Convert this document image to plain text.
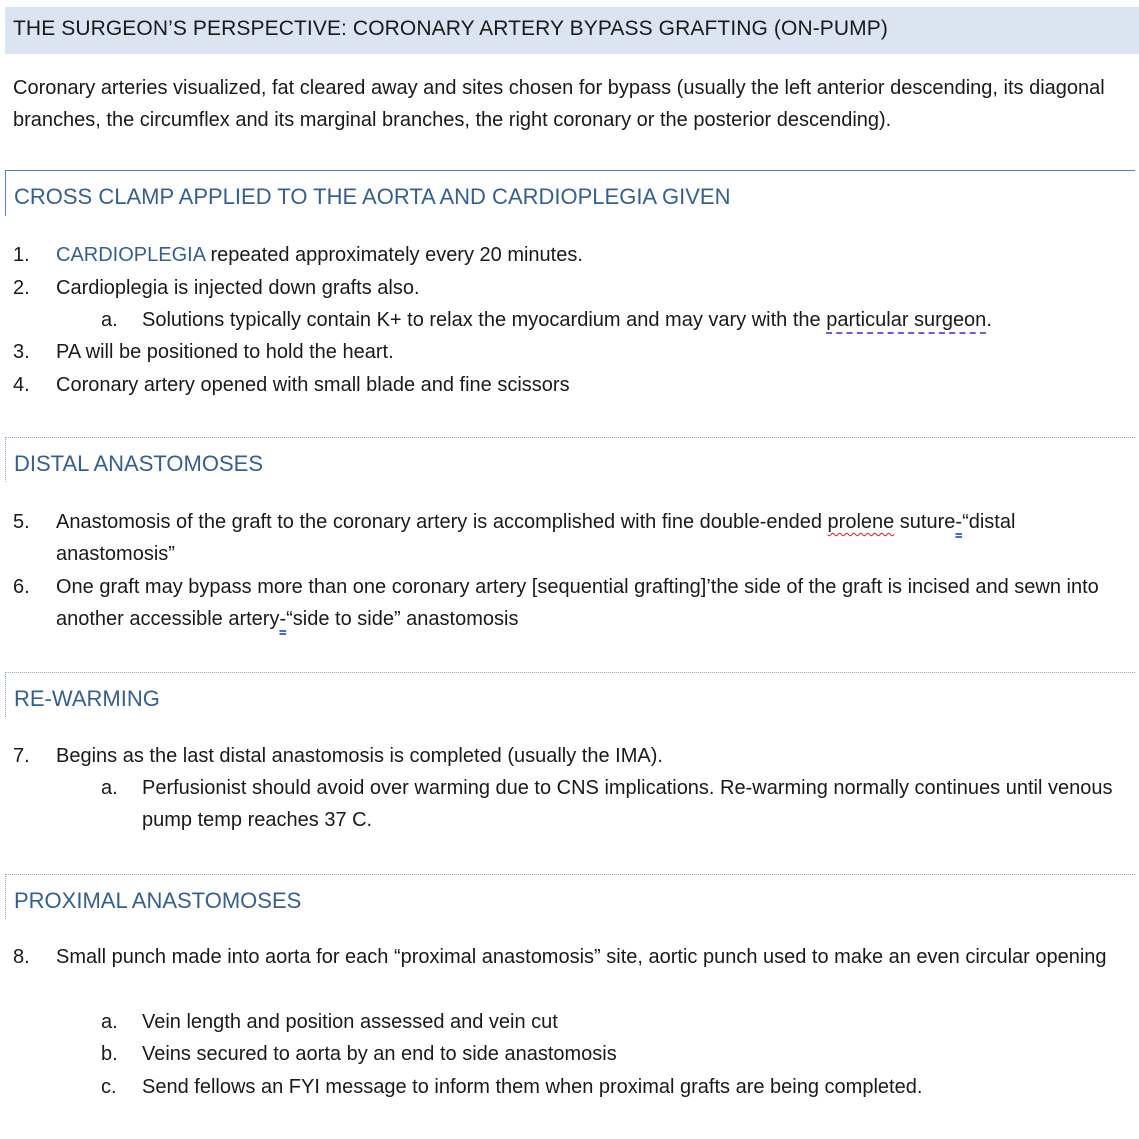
THE SURGEON’S PERSPECTIVE: CORONARY ARTERY BYPASS GRAFTING (ON-PUMP)
Coronary arteries visualized, fat cleared away and sites chosen for bypass (usually the left anterior descending, its diagonal branches, the circumflex and its marginal branches, the right coronary or the posterior descending).
CROSS CLAMP APPLIED TO THE AORTA AND CARDIOPLEGIA GIVEN
1. CARDIOPLEGIA repeated approximately every 20 minutes.
2. Cardioplegia is injected down grafts also.
a. Solutions typically contain K+ to relax the myocardium and may vary with the particular surgeon.
3. PA will be positioned to hold the heart.
4. Coronary artery opened with small blade and fine scissors
DISTAL ANASTOMOSES
5. Anastomosis of the graft to the coronary artery is accomplished with fine double-ended prolene suture-“distal anastomosis”
6. One graft may bypass more than one coronary artery [sequential grafting]’the side of the graft is incised and sewn into another accessible artery-“side to side” anastomosis
RE-WARMING
7. Begins as the last distal anastomosis is completed (usually the IMA).
a. Perfusionist should avoid over warming due to CNS implications. Re-warming normally continues until venous pump temp reaches 37 C.
PROXIMAL ANASTOMOSES
8. Small punch made into aorta for each “proximal anastomosis” site, aortic punch used to make an even circular opening
a. Vein length and position assessed and vein cut
b. Veins secured to aorta by an end to side anastomosis
c. Send fellows an FYI message to inform them when proximal grafts are being completed.
